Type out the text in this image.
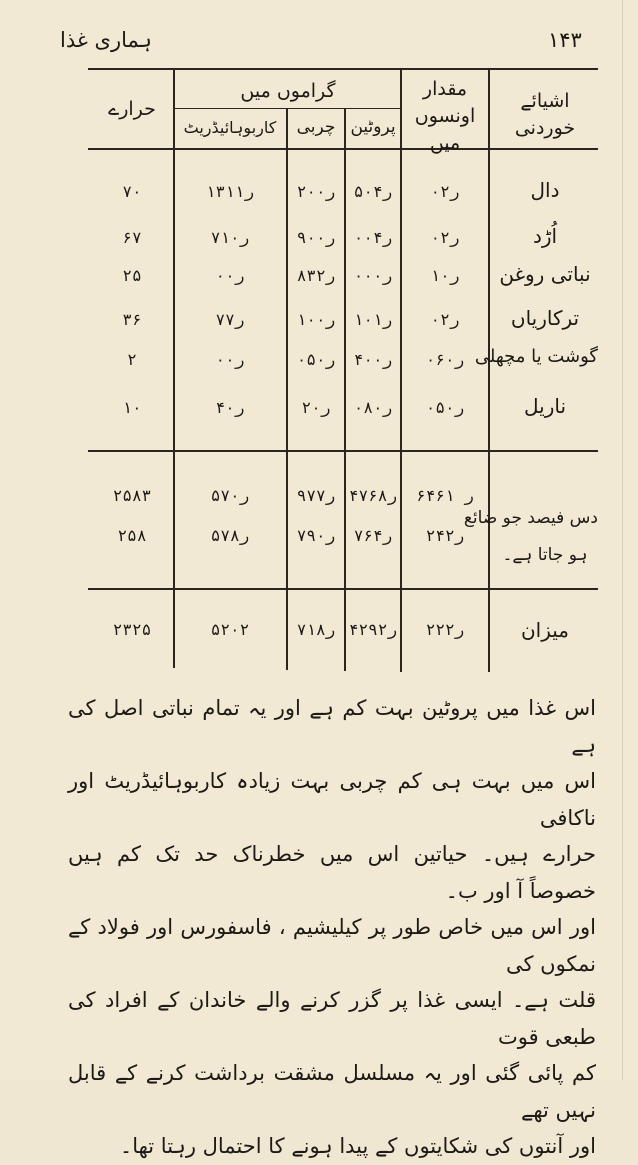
ہماری غذا	۱۴۳
اشیائے خوردنی
مقدار اونسوں میں
گراموں میں
پروٹین
چربی
کاربوہائیڈریٹ
حرارے
دال
۰ر۲
۵۰ر۴
۲۰ر۰
۱۳ر۱۱
۷۰
اُڑد
۰ر۲
۰۰ر۴
۹۰ر۰
۷ر۱۰
۶۷
نباتی روغن
۱ر۰
۰۰ر۰
۸۳ر۲
۰ر۰
۲۵
ترکاریاں
۰ر۲
۱۰ر۱
۱۰ر۰
۷ر۷
۳۶
گوشت یا مچھلی
۰۶ر۰
۴۰ر۰
۰۵ر۰
۰ر۰
۲
ناریل
۰۵ر۰
۰۸ر۰
۲ر۰
۴ر۰
۱۰
دس فیصد جو ضائع
ہو جاتا ہے۔
۶۴ر ۶۱
۴۷ر۶۸
۹۷ر۷
۵۷ر۰
۲۵۸۳
۲۴ر۲
۷۶ر۴
۷۹ر۰
۵۷ر۸
۲۵۸
میزان
۲ر۲۲
۴۲ر۹۲
۷ر۱۸
۵۲۰۲
۲۳۲۵

اس غذا میں پروٹین بہت کم ہے اور یہ تمام نباتی اصل کی ہے

اس میں بہت ہی کم چربی بہت زیادہ کاربوہائیڈریٹ اور ناکافی

حرارے ہیں۔ حیاتین اس میں خطرناک حد تک کم ہیں خصوصاً آ اور ب۔

اور اس میں خاص طور پر کیلیشیم ، فاسفورس اور فولاد کے نمکوں کی

قلت ہے۔ ایسی غذا پر گزر کرنے والے خاندان کے افراد کی طبعی قوت

کم پائی گئی اور یہ مسلسل مشقت برداشت کرنے کے قابل نہیں تھے

اور آنتوں کی شکایتوں کے پیدا ہونے کا احتمال رہتا تھا۔
